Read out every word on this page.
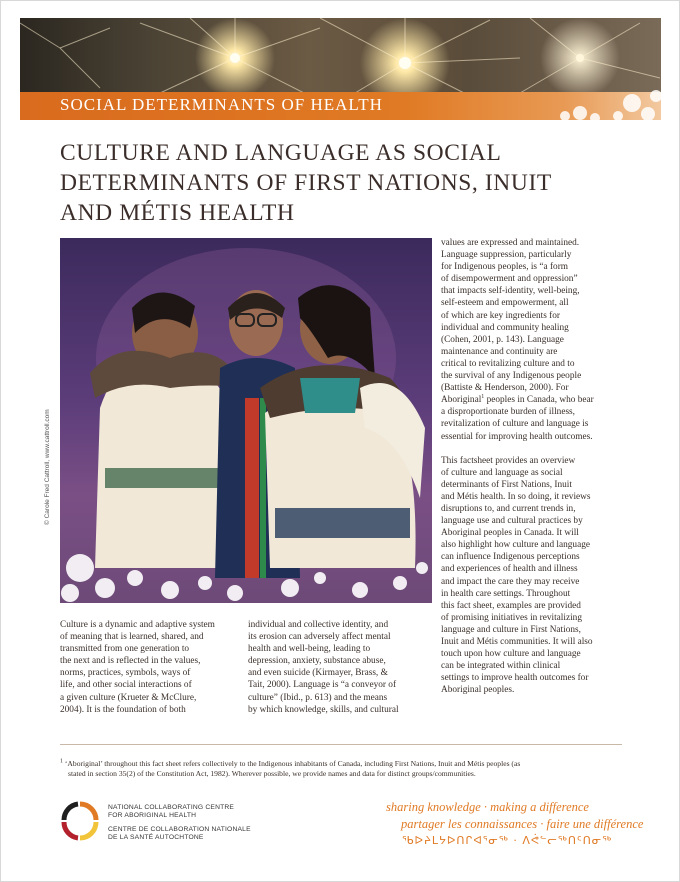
SOCIAL DETERMINANTS OF HEALTH
CULTURE AND LANGUAGE AS SOCIAL
DETERMINANTS OF FIRST NATIONS, INUIT
AND MÉTIS HEALTH
© Carole Fred Cattroll, www.cattroll.com
Culture is a dynamic and adaptive system
of meaning that is learned, shared, and
transmitted from one generation to
the next and is reflected in the values,
norms, practices, symbols, ways of
life, and other social interactions of
a given culture (Krueter & McClure,
2004). It is the foundation of both
individual and collective identity, and
its erosion can adversely affect mental
health and well-being, leading to
depression, anxiety, substance abuse,
and even suicide (Kirmayer, Brass, &
Tait, 2000). Language is “a conveyor of
culture” (Ibid., p. 613) and the means
by which knowledge, skills, and cultural

values are expressed and maintained.
Language suppression, particularly
for Indigenous peoples, is “a form
of disempowerment and oppression”
that impacts self-identity, well-being,
self-esteem and empowerment, all
of which are key ingredients for
individual and community healing
(Cohen, 2001, p. 143). Language
maintenance and continuity are
critical to revitalizing culture and to
the survival of any Indigenous people
(Battiste & Henderson, 2000). For
Aboriginal$^1$ peoples in Canada, who bear
a disproportionate burden of illness,
revitalization of culture and language is
essential for improving health outcomes.

This factsheet provides an overview
of culture and language as social
determinants of First Nations, Inuit
and Métis health. In so doing, it reviews
disruptions to, and current trends in,
language use and cultural practices by
Aboriginal peoples in Canada. It will
also highlight how culture and language
can influence Indigenous perceptions
and experiences of health and illness
and impact the care they may receive
in health care settings. Throughout
this fact sheet, examples are provided
of promising initiatives in revitalizing
language and culture in First Nations,
Inuit and Métis communities. It will also
touch upon how culture and language
can be integrated within clinical
settings to improve health outcomes for
Aboriginal peoples.

$^1$ ‘Aboriginal’ throughout this fact sheet refers collectively to the Indigenous inhabitants of Canada, including First Nations, Inuit and Métis peoples (as
stated in section 35(2) of the Constitution Act, 1982). Wherever possible, we provide names and data for distinct groups/communities.
NATIONAL COLLABORATING CENTRE
FOR ABORIGINAL HEALTH
CENTRE DE COLLABORATION NATIONALE
DE LA SANTÉ AUTOCHTONE
sharing knowledge · making a difference
partager les connaissances · faire une différence
ᖃᐅᔨᒪᔭᐅᑎᒋᐊᕐᓂᖅ · ᐱᕚᓪᓕᖅᑎᑦᑎᓂᖅ
